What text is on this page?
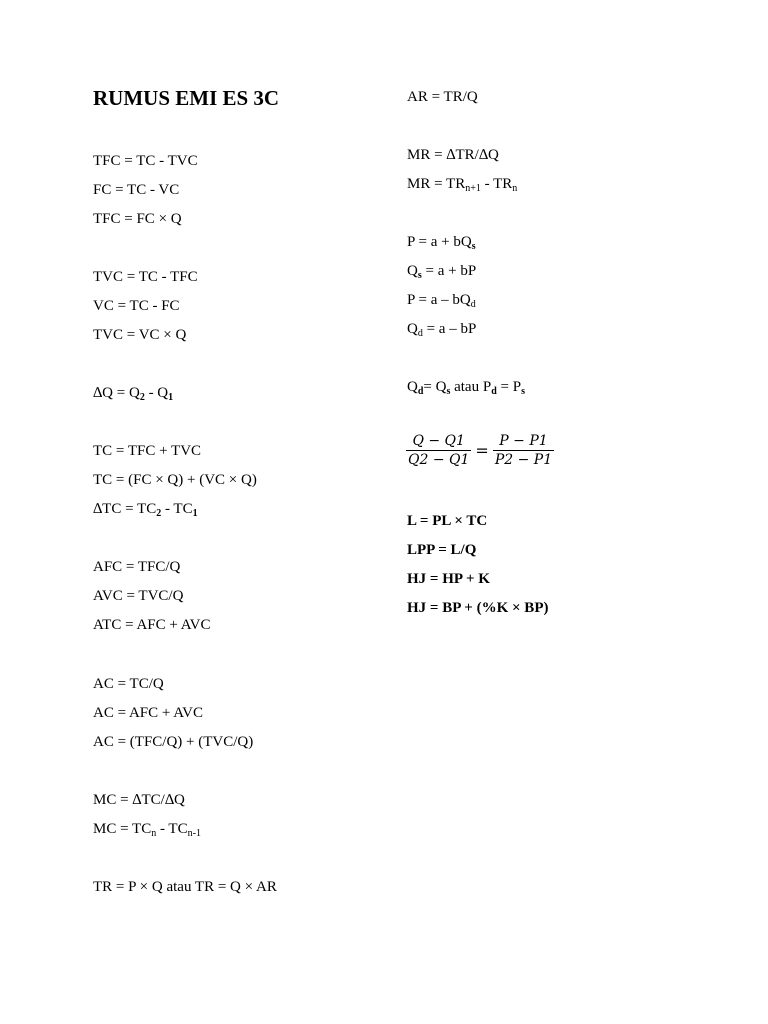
RUMUS EMI ES 3C
TFC = TC - TVC
FC = TC - VC
TFC = FC × Q
TVC = TC - TFC
VC = TC - FC
TVC = VC × Q
$\Delta Q = Q_2 - Q_1$
TC = TFC + TVC
TC = (FC × Q) + (VC × Q)
$\Delta TC = TC_2 - TC_1$
AFC = TFC/Q
AVC = TVC/Q
ATC = AFC + AVC
AC = TC/Q
AC = AFC + AVC
AC = (TFC/Q) + (TVC/Q)
MC = ∆TC/∆Q
MC = $TC_n - TC_{n-1}$
TR = P × Q atau TR = Q × AR
AR = TR/Q
MR = ∆TR/∆Q
MR = $TR_{n+1} - TR_n$
$P = a + bQ_s$
$Q_s = a$ + bP
$P = a - bQ_d$
$Q_d = a$ – bP
$Q_d= Q_s$ atau $P_d = P_s$
$\frac{Q - Q1}{Q2 - Q1} = \frac{P - P1}{P2 - P1}$
L = PL × TC
LPP = L/Q
HJ = HP + K
HJ = BP + (%K × BP)
